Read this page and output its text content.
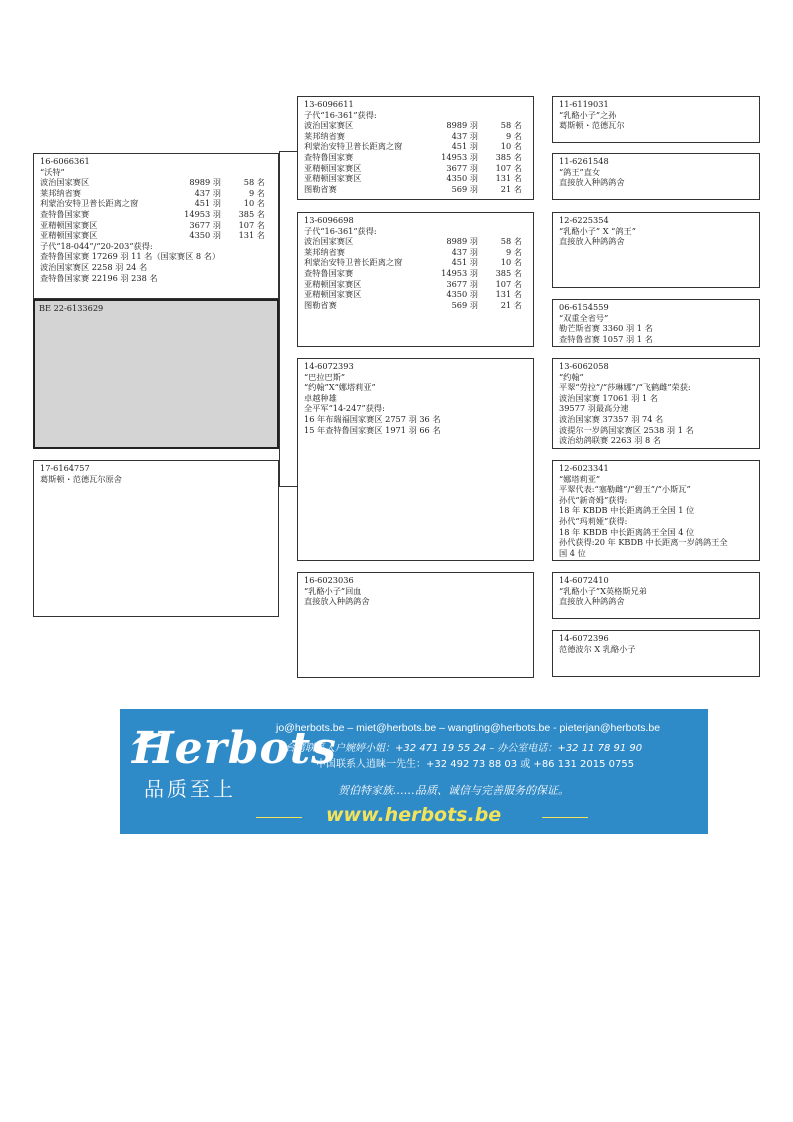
16-6066361
“沃特”
波治国家赛区	8989 羽	58 名
莱邦纳省赛	437 羽	9 名
利蒙治安特卫普长距离之窗	451 羽	10 名
查特鲁国家赛	14953 羽 385 名
亚精顿国家赛区	3677 羽 107 名
亚精顿国家赛区	4350 羽 131 名
子代“18-044”/“20-203”获得:
查特鲁国家赛 17269 羽 11 名（国家赛区 8 名）
波治国家赛区 2258 羽 24 名
查特鲁国家赛 22196 羽 238 名
BE 22-6133629
17-6164757
葛斯顿・范德瓦尔原舍
13-6096611
子代“16-361”获得:
波治国家赛区	8989 羽	58 名
莱邦纳省赛	437 羽	9 名
利蒙治安特卫普长距离之窗	451 羽	10 名
查特鲁国家赛	14953 羽 385 名
亚精顿国家赛区	3677 羽 107 名
亚精顿国家赛区	4350 羽 131 名
图勒省赛	569 羽	21 名
13-6096698
子代“16-361”获得:
波治国家赛区	8989 羽	58 名
莱邦纳省赛	437 羽	9 名
利蒙治安特卫普长距离之窗	451 羽	10 名
查特鲁国家赛	14953 羽 385 名
亚精顿国家赛区	3677 羽 107 名
亚精顿国家赛区	4350 羽 131 名
图勒省赛	569 羽	21 名
14-6072393
“巴拉巴斯”
“约翰”X“娜塔莉亚”
卓越种雄
全平军“14-247”获得:
16 年布瑞福国家赛区 2757 羽 36 名
15 年查特鲁国家赛区 1971 羽 66 名
16-6023036
“乳酪小子”回血
直接放入种鸽鸽舍
11-6119031
“乳酪小子”之孙
葛斯顿・范德瓦尔
11-6261548
“鸽王”直女
直接放入种鸽鸽舍
12-6225354
“乳酪小子” X “鸽王”
直接放入种鸽鸽舍
06-6154559
“双重全省号”
勒芒斯省赛 3360 羽 1 名
查特鲁省赛 1057 羽 1 名
13-6062058
“约翰”
平翠“劳拉”/“莎琳娜”/“飞鹤雌”荣获:
波治国家赛 17061 羽 1 名
39577 羽最高分速
波治国家赛 37357 羽 74 名
波提尔一岁鸽国家赛区 2538 羽 1 名
波治幼鸽联赛 2263 羽 8 名
12-6023341
“娜塔莉亚”
平翠代表:“塞勒雌”/“碧玉”/“小斯瓦”
孙代“新奇姆”获得:
18 年 KBDB 中长距离鸽王全国 1 位
孙代“玛莉娅”获得:
18 年 KBDB 中长距离鸽王全国 4 位
孙代获得:20 年 KBDB 中长距离一岁鸽鸽王全
国 4 位
14-6072410
“乳酪小子”X英格斯兄弟
直接放入种鸽鸽舍
14-6072396
范德波尔 X 乳酪小子
Herbots
品质至上
jo@herbots.be – miet@herbots.be – wangting@herbots.be - pieterjan@herbots.be
台湾联系人户婉婷小姐：+32 471 19 55 24 – 办公室电话：+32 11 78 91 90
中国联系人逍睐一先生：+32 492 73 88 03 或 +86 131 2015 0755
贺伯特家族……品质、诚信与完善服务的保证。
www.herbots.be
